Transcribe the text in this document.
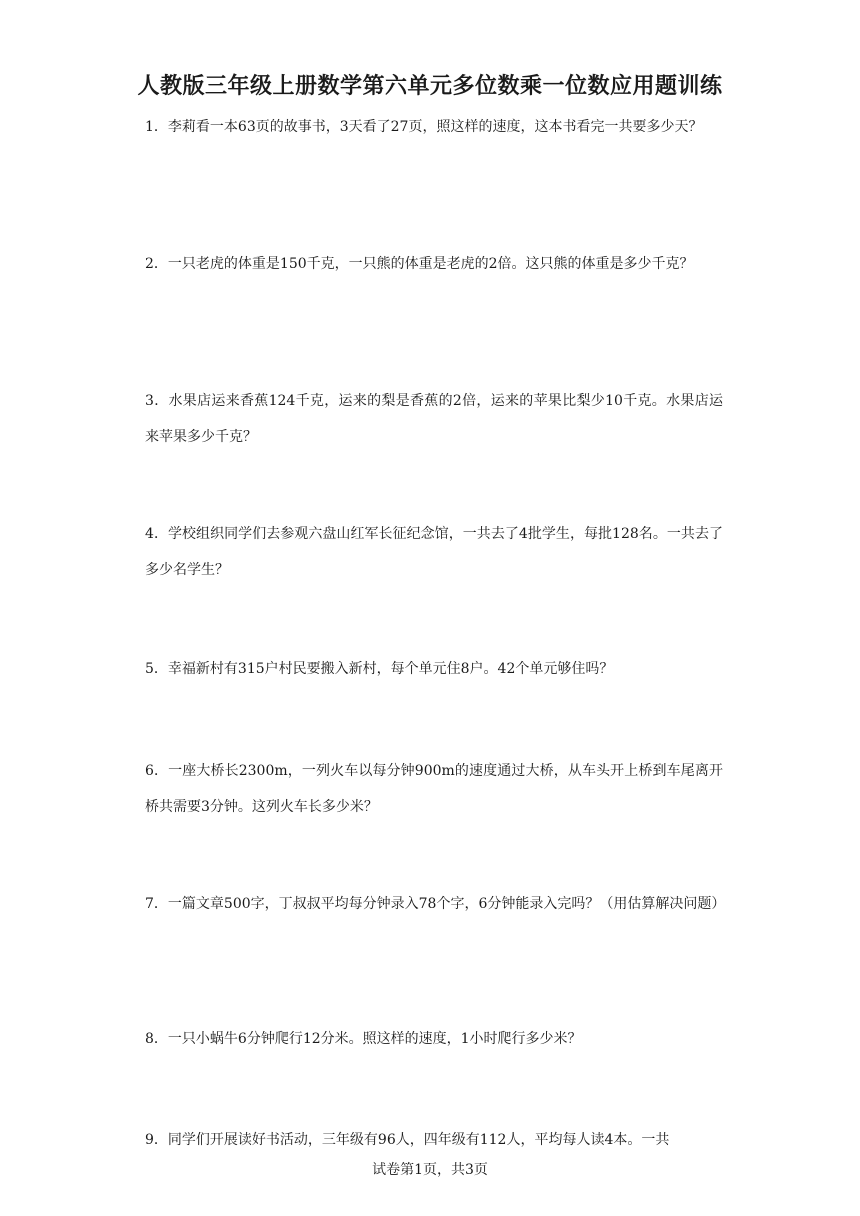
人教版三年级上册数学第六单元多位数乘一位数应用题训练
1．李莉看一本63页的故事书，3天看了27页，照这样的速度，这本书看完一共要多少天？
2．一只老虎的体重是150千克，一只熊的体重是老虎的2倍。这只熊的体重是多少千克？
3．水果店运来香蕉124千克，运来的梨是香蕉的2倍，运来的苹果比梨少10千克。水果店运来苹果多少千克？
4．学校组织同学们去参观六盘山红军长征纪念馆，一共去了4批学生，每批128名。一共去了多少名学生？
5．幸福新村有315户村民要搬入新村，每个单元住8户。42个单元够住吗？
6．一座大桥长2300m，一列火车以每分钟900m的速度通过大桥，从车头开上桥到车尾离开桥共需要3分钟。这列火车长多少米？
7．一篇文章500字，丁叔叔平均每分钟录入78个字，6分钟能录入完吗？（用估算解决问题）
8．一只小蜗牛6分钟爬行12分米。照这样的速度，1小时爬行多少米？
9．同学们开展读好书活动，三年级有96人，四年级有112人，平均每人读4本。一共
试卷第1页，共3页
